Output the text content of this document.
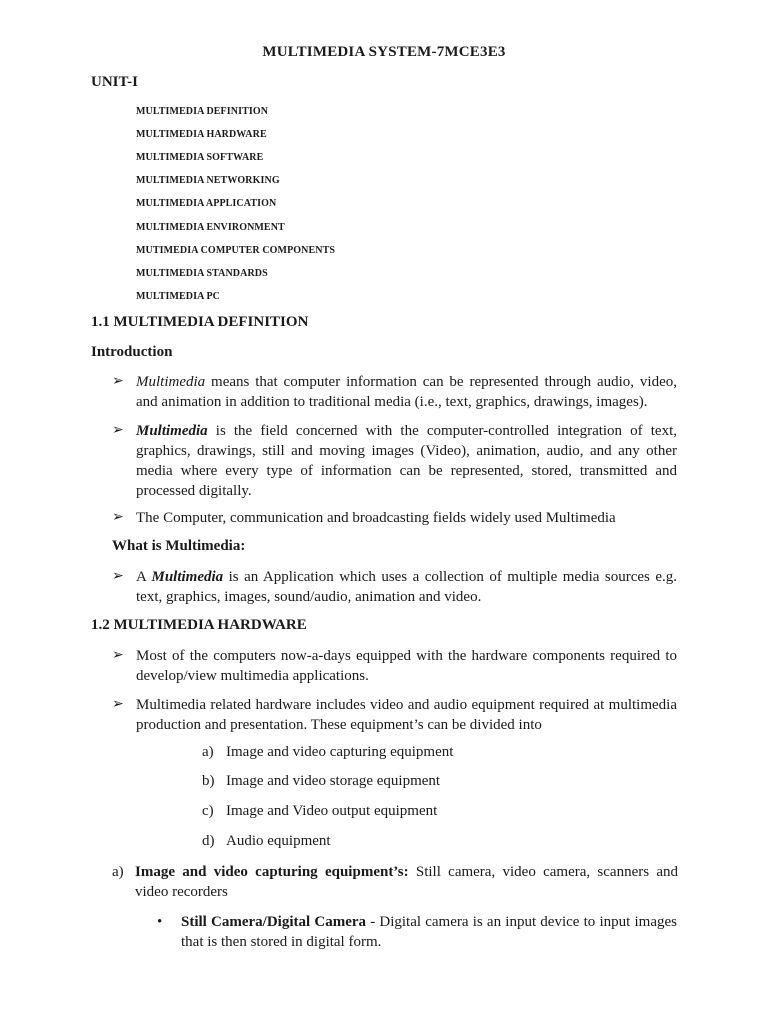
MULTIMEDIA SYSTEM-7MCE3E3
UNIT-I
MULTIMEDIA DEFINITION
MULTIMEDIA HARDWARE
MULTIMEDIA SOFTWARE
MULTIMEDIA NETWORKING
MULTIMEDIA APPLICATION
MULTIMEDIA ENVIRONMENT
MUTIMEDIA COMPUTER COMPONENTS
MULTIMEDIA STANDARDS
MULTIMEDIA PC
1.1 MULTIMEDIA DEFINITION
Introduction
➢ Multimedia means that computer information can be represented through audio, video,
and animation in addition to traditional media (i.e., text, graphics, drawings, images).
➢ Multimedia is the field concerned with the computer-controlled integration of text,
graphics, drawings, still and moving images (Video), animation, audio, and any other
media where every type of information can be represented, stored, transmitted and
processed digitally.
➢ The Computer, communication and broadcasting fields widely used Multimedia
What is Multimedia:
➢ A Multimedia is an Application which uses a collection of multiple media sources e.g.
text, graphics, images, sound/audio, animation and video.
1.2 MULTIMEDIA HARDWARE
➢ Most of the computers now-a-days equipped with the hardware components required to
develop/view multimedia applications.
➢ Multimedia related hardware includes video and audio equipment required at multimedia
production and presentation. These equipment’s can be divided into
a) Image and video capturing equipment
b) Image and video storage equipment
c) Image and Video output equipment
d) Audio equipment
a) Image and video capturing equipment’s: Still camera, video camera, scanners and
video recorders
• Still Camera/Digital Camera - Digital camera is an input device to input images
that is then stored in digital form.
